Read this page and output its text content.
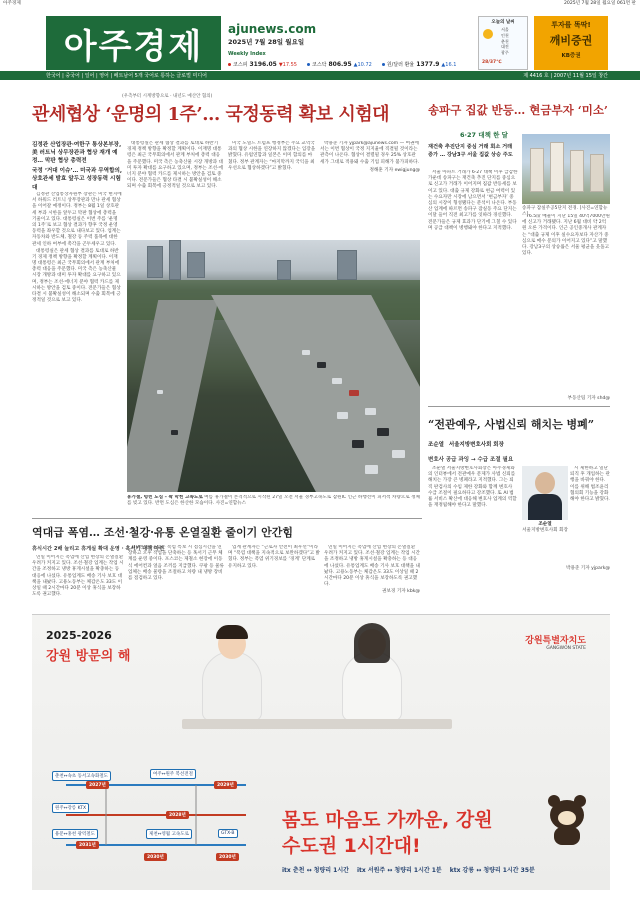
아주경제	2025년 7월 28일 월요일 061면 판
아주경제 ajunews.com
2025년 7월 28일 월요일
Weekly Index
코스피 3196.05 ▼17.55	코스닥 806.95 ▲10.72	원/달러 환율 1377.9 ▲16.1
오늘의 날씨
서울
인천
춘천
대전
광주
28/37℃
투자를 똑딱!
깨비증권
KB증권
한국어 | 중국어 | 일어 | 영어 | 베트남어 5개 국어로 통하는 글로벌 미디어	제 4416 호 | 2007년 11월 15일 창간
(우측부터 시계방향으로 · 내년도 예산안 협의)
관세협상 ‘운명의 1주’… 국정동력 확보 시험대
김정관 산업장관·여한구 통상본부장, 美 러트닉 상무장관과 협상 재개 예정… 막판 협상 총력전
국정 ‘거대 이슈’… 미국과 무역합의, 상호관세 발효 앞두고 성장동력 시험대

김정관 산업통상자원부 장관은 미국 현지에서 하워드 러트닉 상무장관과 만나 관세 협상을 이어갈 예정이다. 정부는 8월 1일 상호관세 부과 시한을 앞두고 막판 협상에 총력을 기울이고 있다. 대통령실은 이번 주를 ‘운명의 1주’로 보고 협상 결과가 향후 국정 운영 동력을 좌우할 것으로 내다보고 있다. 업계는 자동차와 반도체, 철강 등 주력 품목에 대한 관세 인하 여부에 촉각을 곤두세우고 있다.

대통령실은 관세 협상 결과를 토대로 하반기 경제 정책 방향을 확정할 계획이다. 이재명 대통령은 최근 국무회의에서 관계 부처에 총력 대응을 주문했다. 미국 측은 농축산물 시장 개방과 대미 투자 확대를 요구하고 있으며, 정부는 조선·에너지 분야 협력 카드를 제시하는 방안을 검토 중이다. 전문가들은 협상 타결 시 불확실성이 해소되며 수출 회복에 긍정적일 것으로 보고 있다.

대통령실은 관세 협상 결과를 토대로 하반기 경제 정책 방향을 확정할 계획이다. 이재명 대통령은 최근 국무회의에서 관계 부처에 총력 대응을 주문했다. 미국 측은 농축산물 시장 개방과 대미 투자 확대를 요구하고 있으며, 정부는 조선·에너지 분야 협력 카드를 제시하는 방안을 검토 중이다. 전문가들은 협상 타결 시 불확실성이 해소되며 수출 회복에 긍정적일 것으로 보고 있다.

미국 도널드 트럼프 행정부는 주요 교역국과의 협상 시한을 연장하지 않겠다는 입장을 밝혔다. 유럽연합과 일본은 이미 합의를 마쳤다. 정부 관계자는 “마지막까지 국익을 최우선으로 협상하겠다”고 밝혔다.

박용준 기자 yjpark@ajunews.com — 여권에서는 이번 협상이 국정 지지율에 직결될 것이라는 관측이 나온다. 협상이 결렬될 경우 25% 상호관세가 그대로 적용돼 수출 기업 피해가 불가피하다.

정해훈 기자 ewigjung@
휴가철, 텅빈 도심 – 꽉 막힌 고속도로 여름 휴가철이 본격적으로 시작된 27일 오전 서울 경부고속도로 잠원IC 인근 하행선이 피서객 차량으로 정체를 빚고 있다. 반면 도심은 한산한 모습이다. 사진=연합뉴스
송파구 집값 반등… 현금부자 ‘미소’
6·27 대책 한 달
재건축 추진단지 중심 거래 회소 거래 증가 … 강남3구 서울 집값 상승 주도

서울 아파트 거래가 6·27 대책 이후 급감한 가운데 송파구는 재건축 추진 단지를 중심으로 신고가 거래가 이어지며 집값 반등세를 보이고 있다. 대출 규제 강화로 현금 여력이 있는 수요자만 시장에 남으면서 ‘현금부자’ 중심의 시장이 형성됐다는 분석이 나온다. 부동산 업계에 따르면 송파구 잠실동 주요 단지는 이달 들어 직전 최고가를 잇따라 경신했다. 전문가들은 규제 효과가 단기에 그칠 수 있다며 공급 대책이 병행돼야 한다고 지적했다.

송파구 잠실주공5단지 전경. [사진=연합뉴스]

76.5㎡ 매물이 지난 15일 40억7000만원에 신고가 거래됐다. 지난 6월 대비 약 2억원 오른 가격이다. 인근 공인중개사 관계자는 “대출 규제 이후 실수요자보다 자산가 중심으로 매수 문의가 이어지고 있다”고 말했다. 강남3구의 상승률은 서울 평균을 웃돌고 있다.

부동산팀 기자 shd@
“전관예우, 사법신뢰 해치는 병폐”
조순열 서울지방변호사회 회장
변호사 공급 과잉 → 수급 조절 필요

조순열 서울지방변호사회장은 아주경제와의 인터뷰에서 전관예우 문제가 사법 신뢰를 해치는 가장 큰 병폐라고 지적했다. 그는 퇴직 판검사의 수임 제한 강화와 함께 변호사 수급 조절이 필요하다고 강조했다. 또 AI 법률 서비스 확산에 대응해 변호사 업계의 역할을 재정립해야 한다고 말했다.

조순열
서울지방변호사회 회장

시 제한하고 일단 퇴직 후 개업하는 관행을 바꿔야 한다. 이를 위해 법조윤리협의회 기능을 강화해야 한다고 밝혔다.

박용준 기자 yjpark@
역대급 폭염… 조선·철강·유통 온열질환 줄이기 안간힘
휴식시간 2배 늘리고 휴게실 확대 운영 · 혹서기 대책 마련

연일 이어지는 폭염에 산업 현장의 온열질환 우려가 커지고 있다. 조선·철강 업계는 작업 시간을 조정하고 냉방 휴게시설을 확충하는 등 대응에 나섰다. 유통업계도 배송 기사 보호 대책을 내놨다. 고용노동부는 체감온도 33도 이상일 때 2시간마다 20분 이상 휴식을 보장하도록 권고했다.

HD현대중공업은 폭염 특보 시 점심시간을 연장하고 오후 작업을 단축하는 등 혹서기 근무 체계를 운영 중이다. 포스코는 제철소 현장에 이동식 에어컨과 얼음 조끼를 지급했다. 쿠팡 등 물류 업체는 배송 물량을 조절하고 차량 내 냉방 장비를 점검하고 있다.

업계 관계자는 “근로자 안전이 최우선”이라며 “폭염 대책을 지속적으로 보완하겠다”고 밝혔다. 정부는 폭염 위기경보를 ‘경계’ 단계로 유지하고 있다.

연일 이어지는 폭염에 산업 현장의 온열질환 우려가 커지고 있다. 조선·철강 업계는 작업 시간을 조정하고 냉방 휴게시설을 확충하는 등 대응에 나섰다. 유통업계도 배송 기사 보호 대책을 내놨다. 고용노동부는 체감온도 33도 이상일 때 2시간마다 20분 이상 휴식을 보장하도록 권고했다.

권보경 기자 kbk@
2025-2026
강원 방문의 해
강원특별자치도
GANGWON STATE
춘천↔속초 동서고속화철도
2027년
여주↔원주 복선전철
2029년
원주↔강릉 KTX
2028년
용문↔홍천 광역철도
2031년
제천↔영월 고속도로
2030년
GTX-B
2030년
몸도 마음도 가까운, 강원
수도권 1시간대!
itx 춘천 ↔ 청량리 1시간 itx 서원주 ↔ 청량리 1시간 1분 ktx 강릉 ↔ 청량리 1시간 35분
